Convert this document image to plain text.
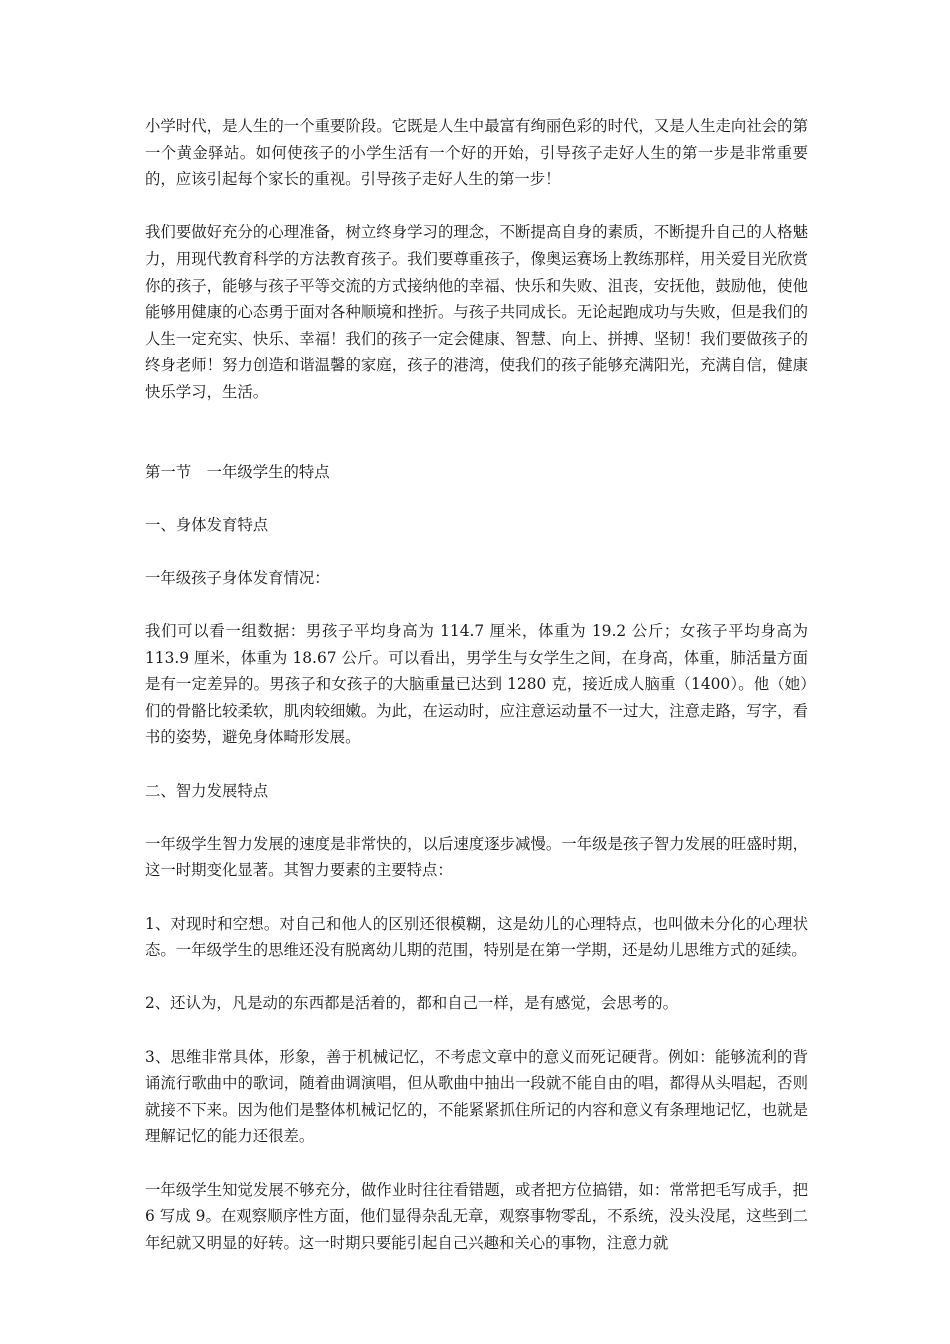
小学时代，是人生的一个重要阶段。它既是人生中最富有绚丽色彩的时代，又是人生走向社会的第一个黄金驿站。如何使孩子的小学生活有一个好的开始，引导孩子走好人生的第一步是非常重要的，应该引起每个家长的重视。引导孩子走好人生的第一步！

我们要做好充分的心理准备，树立终身学习的理念，不断提高自身的素质，不断提升自己的人格魅力，用现代教育科学的方法教育孩子。我们要尊重孩子，像奥运赛场上教练那样，用关爱目光欣赏你的孩子，能够与孩子平等交流的方式接纳他的幸福、快乐和失败、沮丧，安抚他，鼓励他，使他能够用健康的心态勇于面对各种顺境和挫折。与孩子共同成长。无论起跑成功与失败，但是我们的人生一定充实、快乐、幸福！我们的孩子一定会健康、智慧、向上、拼搏、坚韧！我们要做孩子的终身老师！努力创造和谐温馨的家庭，孩子的港湾，使我们的孩子能够充满阳光，充满自信，健康快乐学习，生活。

第一节　一年级学生的特点

一、身体发育特点

一年级孩子身体发育情况：

我们可以看一组数据：男孩子平均身高为 114.7 厘米，体重为 19.2 公斤；女孩子平均身高为 113.9 厘米，体重为 18.67 公斤。可以看出，男学生与女学生之间，在身高，体重，肺活量方面是有一定差异的。男孩子和女孩子的大脑重量已达到 1280 克，接近成人脑重（1400）。他（她）们的骨骼比较柔软，肌肉较细嫩。为此，在运动时，应注意运动量不一过大，注意走路，写字，看书的姿势，避免身体畸形发展。

二、智力发展特点

一年级学生智力发展的速度是非常快的，以后速度逐步减慢。一年级是孩子智力发展的旺盛时期，这一时期变化显著。其智力要素的主要特点：

1、对现时和空想。对自己和他人的区别还很模糊，这是幼儿的心理特点，也叫做未分化的心理状态。一年级学生的思维还没有脱离幼儿期的范围，特别是在第一学期，还是幼儿思维方式的延续。

2、还认为，凡是动的东西都是活着的，都和自己一样，是有感觉，会思考的。

3、思维非常具体，形象，善于机械记忆，不考虑文章中的意义而死记硬背。例如：能够流利的背诵流行歌曲中的歌词，随着曲调演唱，但从歌曲中抽出一段就不能自由的唱，都得从头唱起，否则就接不下来。因为他们是整体机械记忆的，不能紧紧抓住所记的内容和意义有条理地记忆，也就是理解记忆的能力还很差。

一年级学生知觉发展不够充分，做作业时往往看错题，或者把方位搞错，如：常常把毛写成手，把 6 写成 9。在观察顺序性方面，他们显得杂乱无章，观察事物零乱，不系统，没头没尾，这些到二年纪就又明显的好转。这一时期只要能引起自己兴趣和关心的事物，注意力就
